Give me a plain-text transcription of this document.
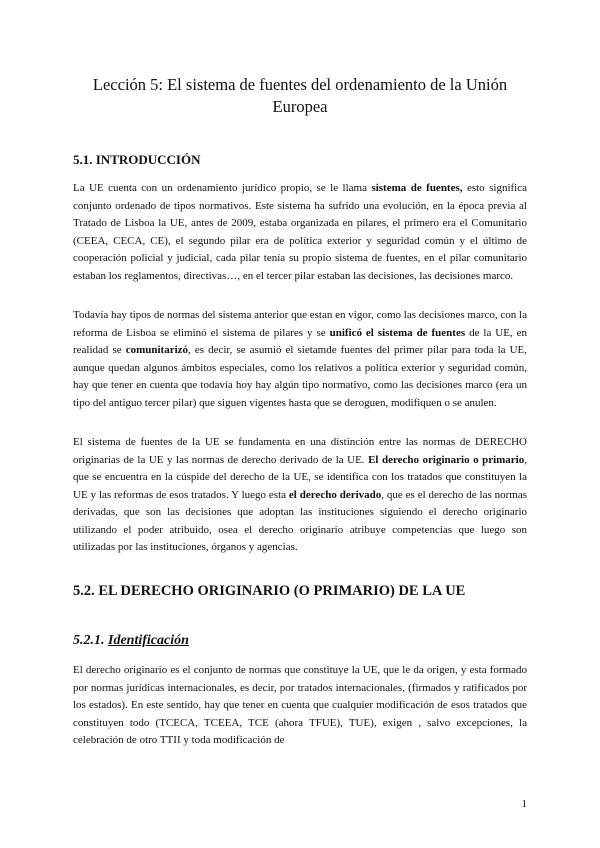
Lección 5: El sistema de fuentes del ordenamiento de la Unión Europea
5.1. INTRODUCCIÓN

La UE cuenta con un ordenamiento jurídico propio, se le llama sistema de fuentes, esto significa conjunto ordenado de tipos normativos. Este sistema ha sufrido una evolución, en la época previa al Tratado de Lisboa la UE, antes de 2009, estaba organizada en pilares, el primero era el Comunitario (CEEA, CECA, CE), el segundo pilar era de política exterior y seguridad común y el último de cooperación policial y judicial, cada pilar tenía su propio sistema de fuentes, en el pilar comunitario estaban los reglamentos, directivas…, en el tercer pilar estaban las decisiones, las decisiones marco.

Todavía hay tipos de normas del sistema anterior que estan en vigor, como las decisiones marco, con la reforma de Lisboa se eliminó el sistema de pilares y se unificó el sistema de fuentes de la UE, en realidad se comunitarizó, es decir, se asumió el sietamde fuentes del primer pilar para toda la UE, aunque quedan algunos ámbitos especiales, como los relativos a política exterior y seguridad común, hay que tener en cuenta que todavía hoy hay algún tipo normativo, como las decisiones marco (era un tipo del antiguo tercer pilar) que siguen vigentes hasta que se deroguen, modifiquen o se anulen.

El sistema de fuentes de la UE se fundamenta en una distinción entre las normas de DERECHO originarias de la UE y las normas de derecho derivado de la UE. El derecho originario o primario, que se encuentra en la cúspide del derecho de la UE, se identifica con los tratados que constituyen la UE y las reformas de esos tratados. Y luego esta el derecho derivado, que es el derecho de las normas derivadas, que son las decisiones que adoptan las instituciones siguiendo el derecho originario utilizando el poder atribuido, osea el derecho originario atribuye competencias que luego son utilizadas por las instituciones, órganos y agencias.

5.2. EL DERECHO ORIGINARIO (O PRIMARIO) DE LA UE
5.2.1. Identificación

El derecho originario es el conjunto de normas que constituye la UE, que le da origen, y esta formado por normas jurídicas internacionales, es decir, por tratados internacionales, (firmados y ratificados por los estados). En este sentido, hay que tener en cuenta que cualquier modificación de esos tratados que constituyen todo (TCECA, TCEEA, TCE (ahora TFUE), TUE), exigen , salvo excepciones, la celebración de otro TTII y toda modificación de

1
